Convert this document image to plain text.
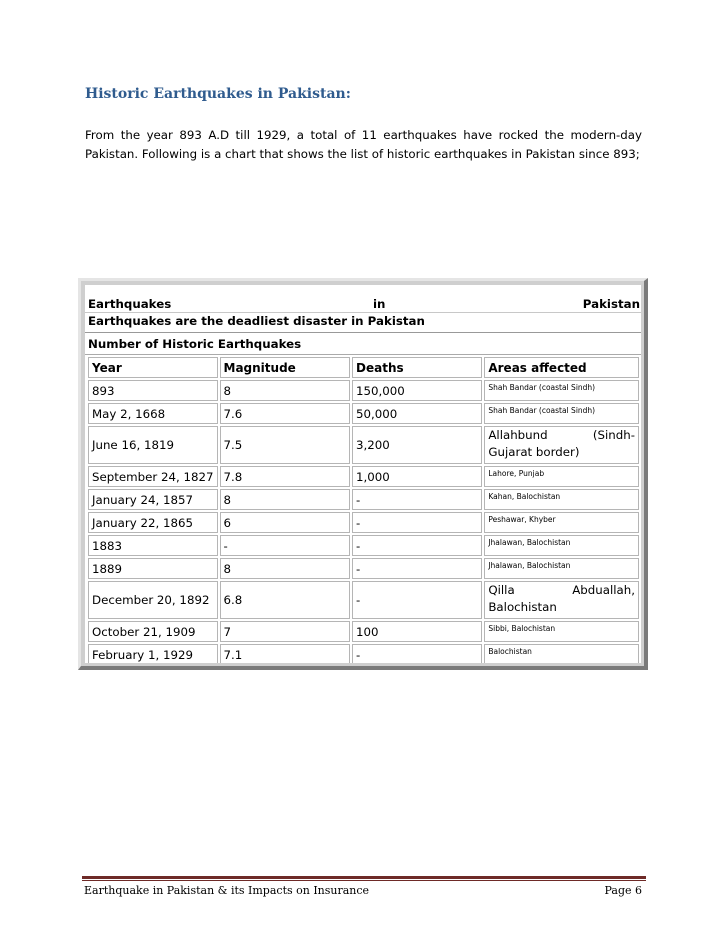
Historic Earthquakes in Pakistan:
From the year 893 A.D till 1929, a total of 11 earthquakes have rocked the modern-day Pakistan. Following is a chart that shows the list of historic earthquakes in Pakistan since 893;
Earthquakes	in	Pakistan
Earthquakes are the deadliest disaster in Pakistan
Number of Historic Earthquakes
Year	Magnitude	Deaths	Areas affected
893	8	150,000	Shah Bandar (coastal Sindh)

May 2, 1668	7.6	50,000	Shah Bandar (coastal Sindh)

June 16, 1819	7.5	3,200	Allahbund (Sindh-Gujarat border)

September 24, 1827	7.8	1,000	Lahore, Punjab

January 24, 1857	8	-	Kahan, Balochistan

January 22, 1865	6	-	Peshawar, Khyber

1883	-	-	Jhalawan, Balochistan

1889	8	-	Jhalawan, Balochistan

December 20, 1892	6.8	-	Qilla Abduallah, Balochistan

October 21, 1909	7	100	Sibbi, Balochistan

February 1, 1929	7.1	-	Balochistan
Earthquake in Pakistan & its Impacts on Insurance	Page 6
